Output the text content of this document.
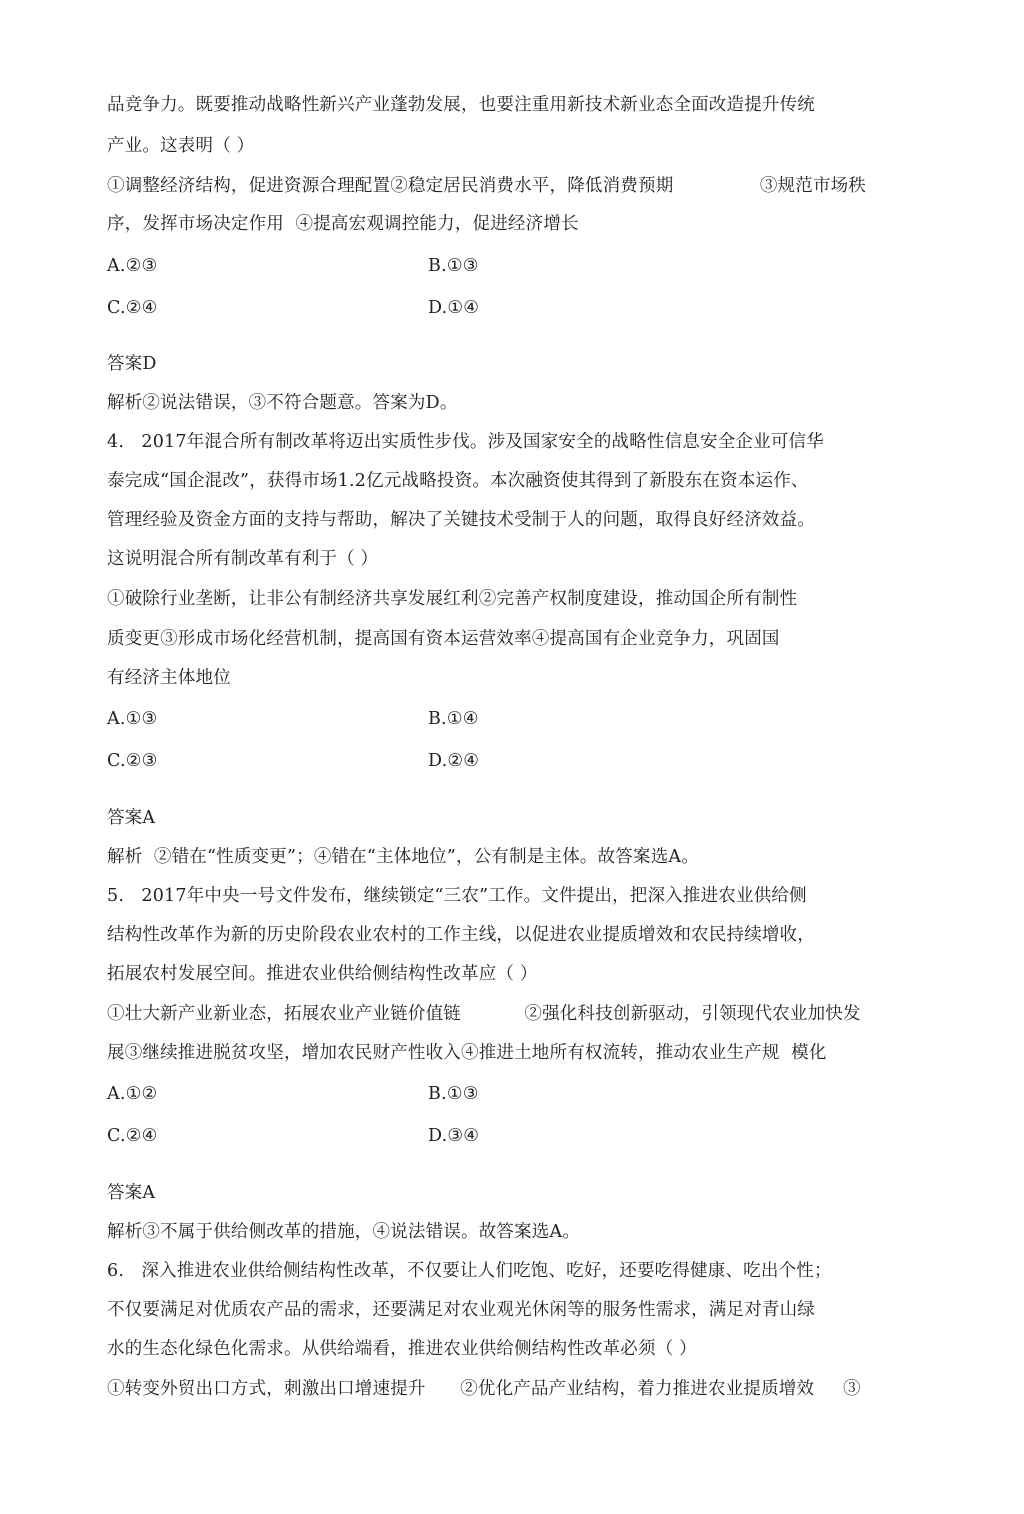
品竞争力。既要推动战略性新兴产业蓬勃发展，也要注重用新技术新业态全面改造提升传统
产业。这表明（ ）
①调整经济结构，促进资源合理配置②稳定居民消费水平，降低消费预期               ③规范市场秩
序，发挥市场决定作用  ④提高宏观调控能力，促进经济增长
A.②③	B.①③
C.②④	D.①④
答案D
解析②说法错误，③不符合题意。答案为D。
4.   2017年混合所有制改革将迈出实质性步伐。涉及国家安全的战略性信息安全企业可信华
泰完成“国企混改”，获得市场1.2亿元战略投资。本次融资使其得到了新股东在资本运作、
管理经验及资金方面的支持与帮助，解决了关键技术受制于人的问题，取得良好经济效益。
这说明混合所有制改革有利于（ ）
①破除行业垄断，让非公有制经济共享发展红利②完善产权制度建设，推动国企所有制性
质变更③形成市场化经营机制，提高国有资本运营效率④提高国有企业竞争力，巩固国
有经济主体地位
A.①③	B.①④
C.②③	D.②④
答案A
解析  ②错在“性质变更”；④错在“主体地位”，公有制是主体。故答案选A。
5.   2017年中央一号文件发布，继续锁定“三农”工作。文件提出，把深入推进农业供给侧
结构性改革作为新的历史阶段农业农村的工作主线，以促进农业提质增效和农民持续增收，
拓展农村发展空间。推进农业供给侧结构性改革应（ ）
①壮大新产业新业态，拓展农业产业链价值链           ②强化科技创新驱动，引领现代农业加快发
展③继续推进脱贫攻坚，增加农民财产性收入④推进土地所有权流转，推动农业生产规  模化
A.①②	B.①③
C.②④	D.③④
答案A
解析③不属于供给侧改革的措施，④说法错误。故答案选A。
6.   深入推进农业供给侧结构性改革，不仅要让人们吃饱、吃好，还要吃得健康、吃出个性；
不仅要满足对优质农产品的需求，还要满足对农业观光休闲等的服务性需求，满足对青山绿
水的生态化绿色化需求。从供给端看，推进农业供给侧结构性改革必须（ ）
①转变外贸出口方式，刺激出口增速提升      ②优化产品产业结构，着力推进农业提质增效     ③
